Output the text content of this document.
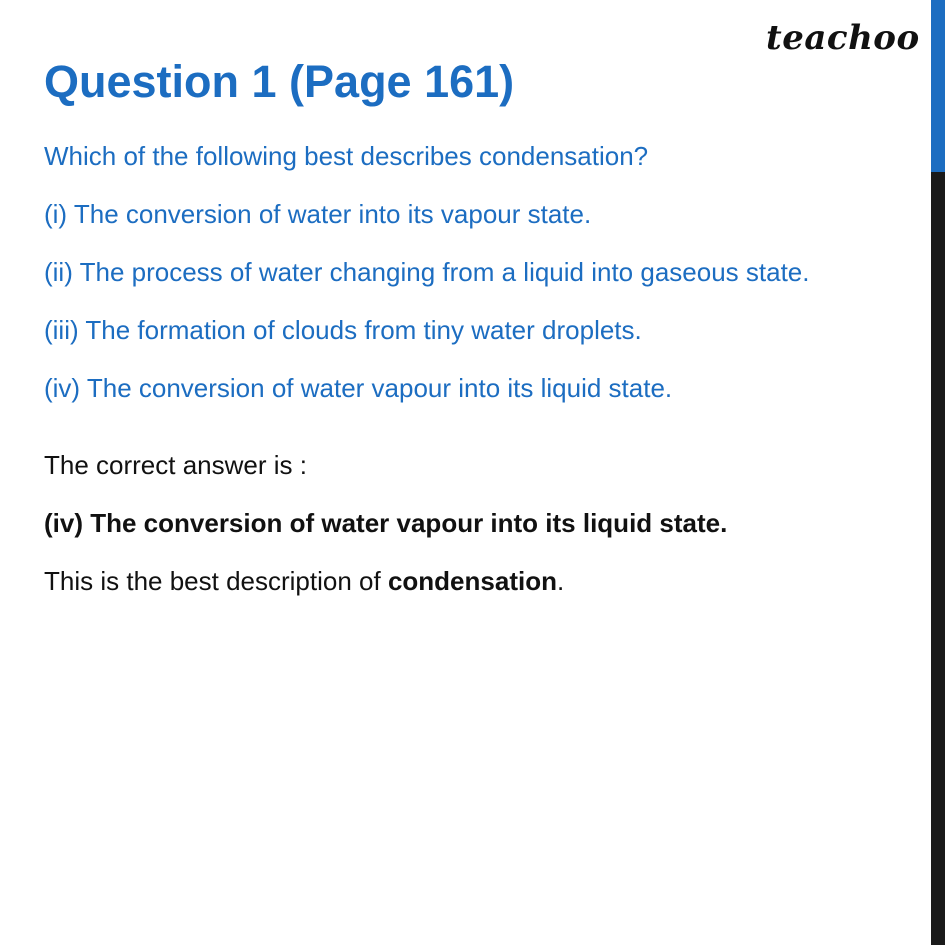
teachoo
Question 1 (Page 161)

Which of the following best describes condensation?

(i) The conversion of water into its vapour state.

(ii) The process of water changing from a liquid into gaseous state.

(iii) The formation of clouds from tiny water droplets.

(iv) The conversion of water vapour into its liquid state.

The correct answer is :

(iv) The conversion of water vapour into its liquid state.

This is the best description of condensation.
